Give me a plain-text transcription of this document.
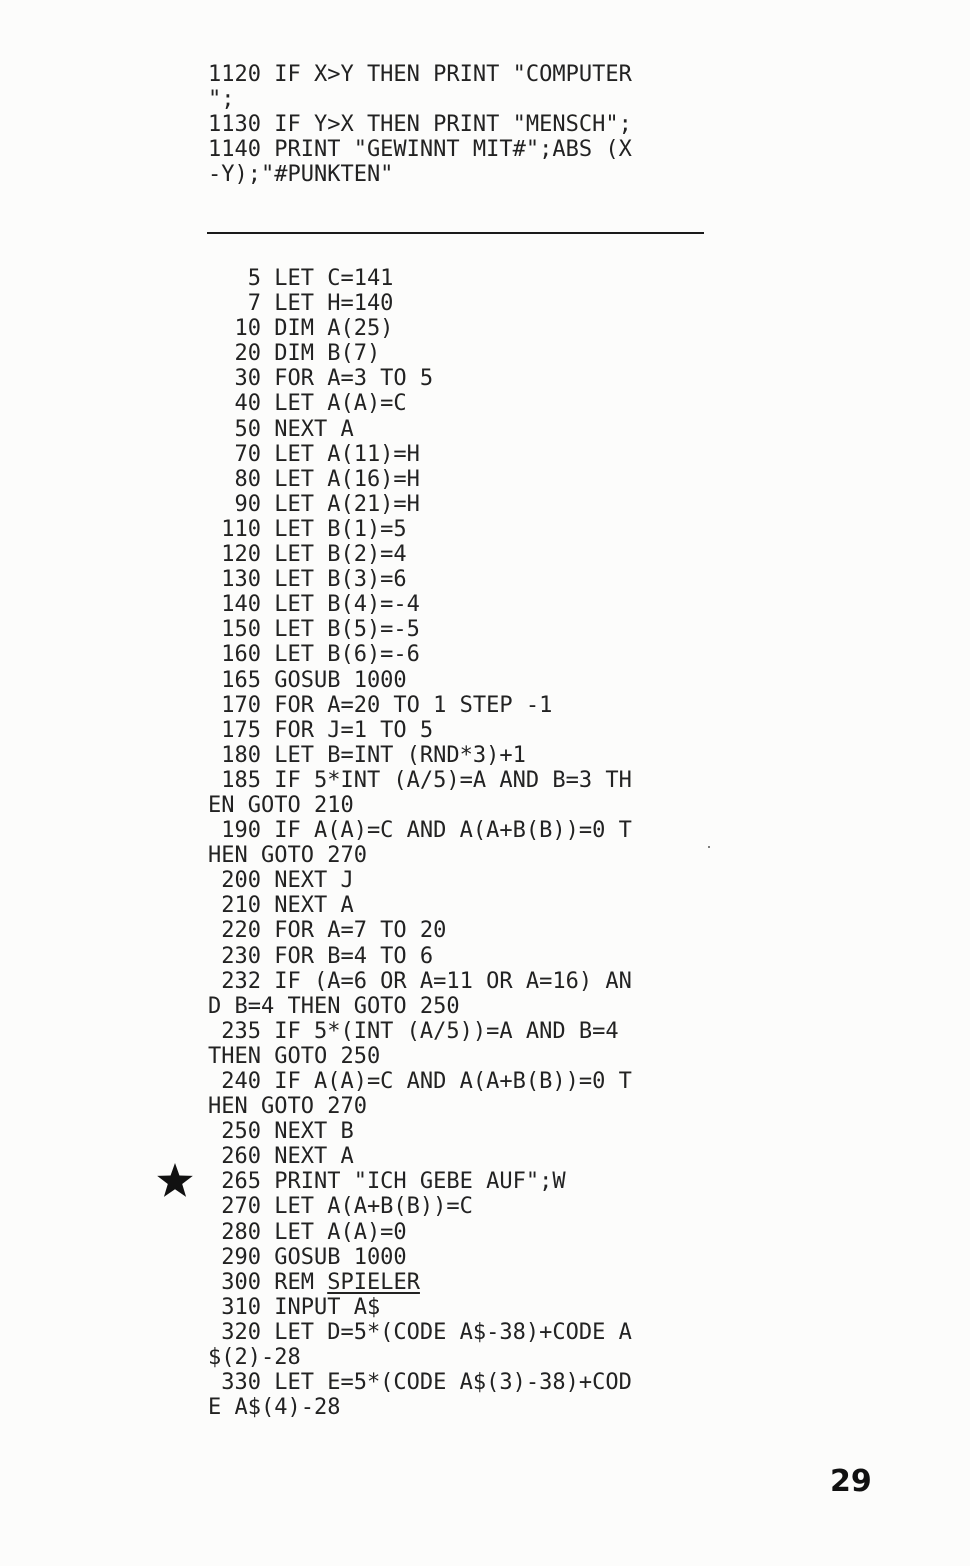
1120 IF X>Y THEN PRINT "COMPUTER
";
1130 IF Y>X THEN PRINT "MENSCH";
1140 PRINT "GEWINNT MIT#";ABS (X
-Y);"#PUNKTEN"
5 LET C=141
7 LET H=140
10 DIM A(25)
20 DIM B(7)
30 FOR A=3 TO 5
40 LET A(A)=C
50 NEXT A
70 LET A(11)=H
80 LET A(16)=H
90 LET A(21)=H
110 LET B(1)=5
120 LET B(2)=4
130 LET B(3)=6
140 LET B(4)=-4
150 LET B(5)=-5
160 LET B(6)=-6
165 GOSUB 1000
170 FOR A=20 TO 1 STEP -1
175 FOR J=1 TO 5
180 LET B=INT (RND*3)+1
185 IF 5*INT (A/5)=A AND B=3 TH
EN GOTO 210
190 IF A(A)=C AND A(A+B(B))=0 T
HEN GOTO 270
200 NEXT J
210 NEXT A
220 FOR A=7 TO 20
230 FOR B=4 TO 6
232 IF (A=6 OR A=11 OR A=16) AN
D B=4 THEN GOTO 250
235 IF 5*(INT (A/5))=A AND B=4
THEN GOTO 250
240 IF A(A)=C AND A(A+B(B))=0 T
HEN GOTO 270
250 NEXT B
260 NEXT A
265 PRINT "ICH GEBE AUF";W
270 LET A(A+B(B))=C
280 LET A(A)=0
290 GOSUB 1000
300 REM SPIELER
310 INPUT A$
320 LET D=5*(CODE A$-38)+CODE A
$(2)-28
330 LET E=5*(CODE A$(3)-38)+COD
E A$(4)-28
29
